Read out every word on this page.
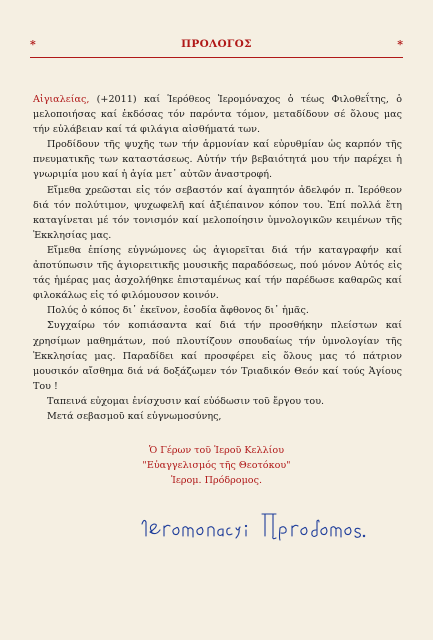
*	ΠΡΟΛΟΓΟΣ	*

Αἰγιαλείας, (+2011) καί Ἱερόθεος Ἱερομόναχος ὁ τέως Φιλοθεΐτης, ὁ μελοποιήσας καί ἐκδόσας τόν παρόντα τόμον, μεταδίδουν σέ ὅλους μας τήν εὐλάβειαν καί τά φιλάγια αἰσθήματά των.

Προδίδουν τῆς ψυχῆς των τήν ἁρμονίαν καί εὐρυθμίαν ὡς καρπόν τῆς πνευματικῆς των καταστάσεως. Αὐτήν τήν βεβαιότητά μου τήν παρέχει ἡ γνωριμία μου καί ἡ ἁγία μετ᾿ αὐτῶν ἀναστροφή.

Εἴμεθα χρεῶσται εἰς τόν σεβαστόν καί ἀγαπητόν ἀδελφόν π. Ἱερόθεον διά τόν πολύτιμον, ψυχωφελῆ καί ἀξιέπαινον κόπον του. Ἐπί πολλά ἔτη καταγίνεται μέ τόν τονισμόν καί μελοποίησιν ὑμνολογικῶν κειμένων τῆς Ἐκκλησίας μας.

Εἴμεθα ἐπίσης εὐγνώμονες ὡς ἁγιορεῖται διά τήν καταγραφήν καί ἀποτύπωσιν τῆς ἁγιορειτικῆς μουσικῆς παραδόσεως, πού μόνον Αὐτός εἰς τάς ἡμέρας μας ἀσχολήθηκε ἐπισταμένως καί τήν παρέδωσε καθαρῶς καί φιλοκάλως εἰς τό φιλόμουσον κοινόν.

Πολύς ὁ κόπος δι᾿ ἐκεῖνον, ἐσοδία ἄφθονος δι᾿ ἡμᾶς.

Συγχαίρω τόν κοπιάσαντα καί διά τήν προσθήκην πλείστων καί χρησίμων μαθημάτων, πού πλουτίζουν σπουδαίως τήν ὑμνολογίαν τῆς Ἐκκλησίας μας. Παραδίδει καί προσφέρει εἰς ὅλους μας τό πάτριον μουσικόν αἴσθημα διά νά δοξάζωμεν τόν Τριαδικόν Θεόν καί τούς Ἁγίους Του !

Ταπεινά εὐχομαι ἐνίσχυσιν καί εὐόδωσιν τοῦ ἔργου του.

Μετά σεβασμοῦ καί εὐγνωμοσύνης,

Ὁ Γέρων τοῦ Ἱεροῦ Κελλίου
"Εὐαγγελισμός τῆς Θεοτόκου"
Ἱερομ. Πρόδρομος.
